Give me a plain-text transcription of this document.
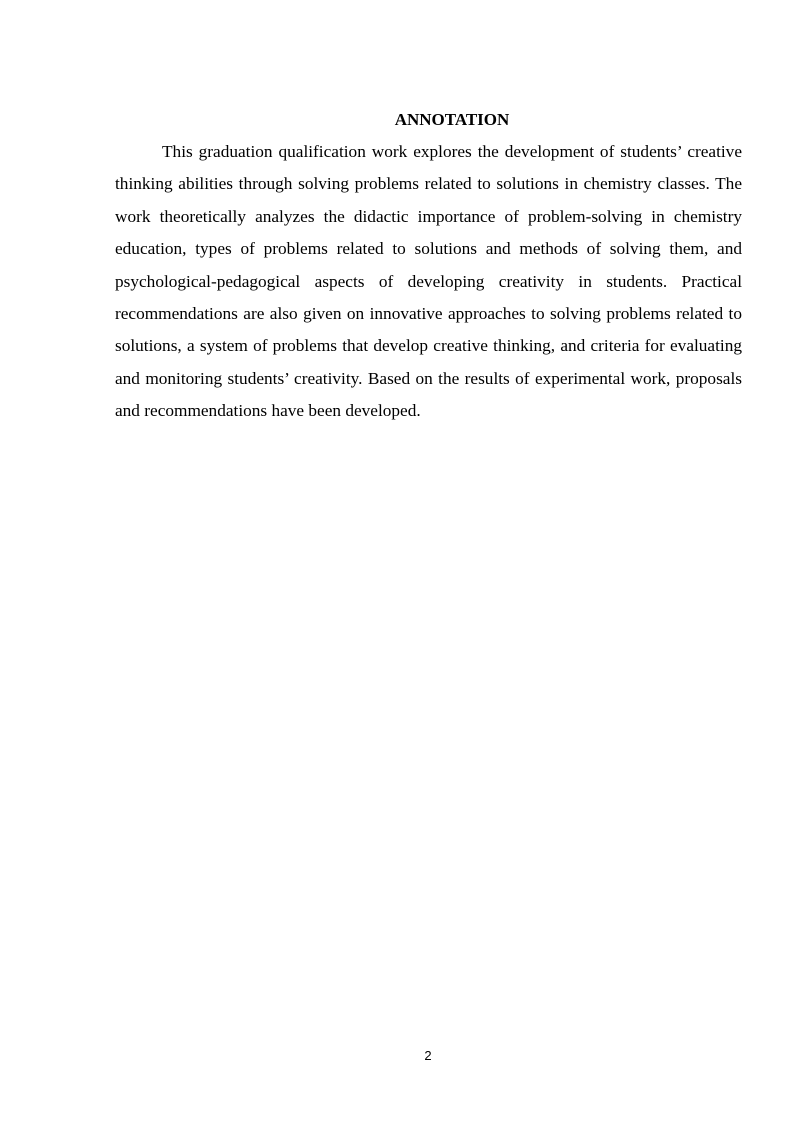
ANNOTATION

This graduation qualification work explores the development of students’ creative thinking abilities through solving problems related to solutions in chemistry classes. The work theoretically analyzes the didactic importance of problem-solving in chemistry education, types of problems related to solutions and methods of solving them, and psychological-pedagogical aspects of developing creativity in students. Practical recommendations are also given on innovative approaches to solving problems related to solutions, a system of problems that develop creative thinking, and criteria for evaluating and monitoring students’ creativity. Based on the results of experimental work, proposals and recommendations have been developed.

2
